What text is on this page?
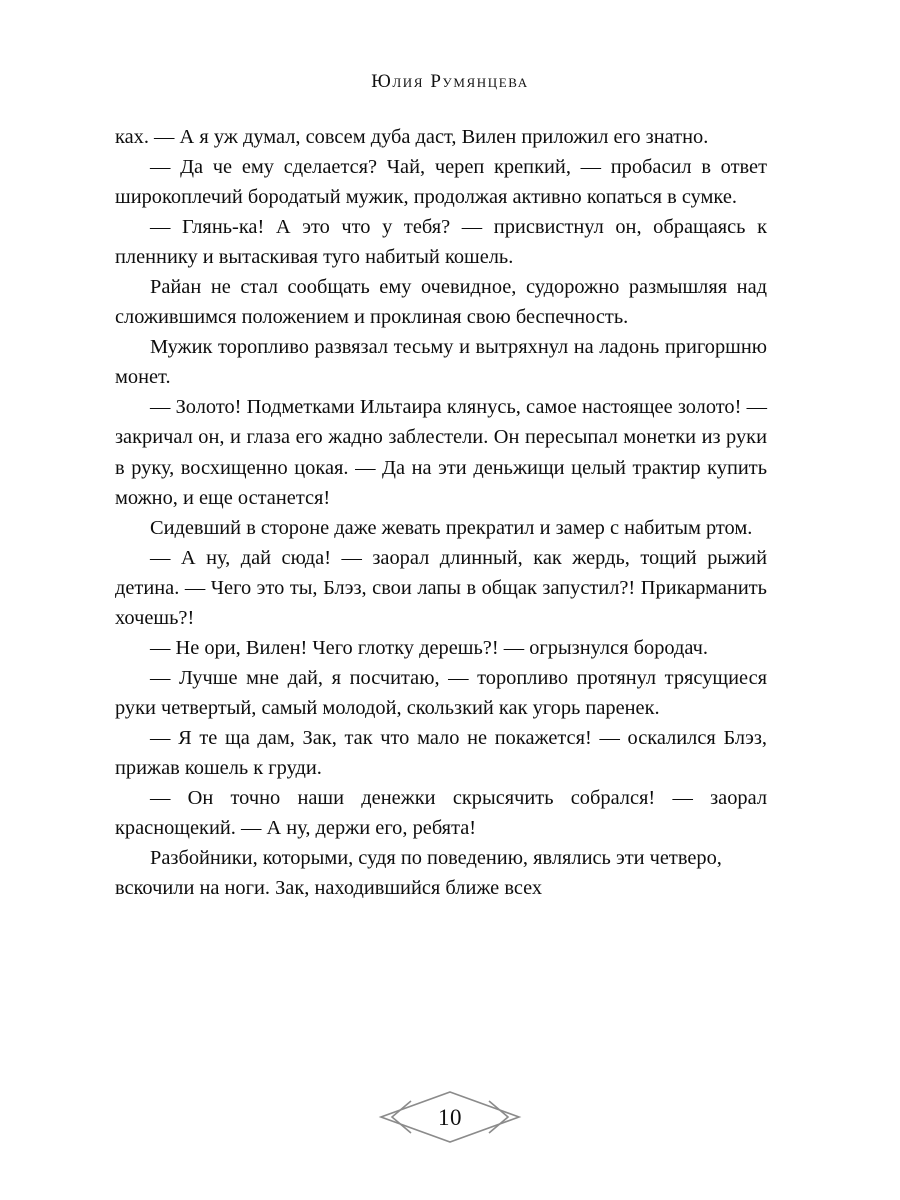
Юлия Румянцева

ках. — А я уж думал, совсем дуба даст, Вилен приложил его знатно.

— Да че ему сделается? Чай, череп крепкий, — пробасил в ответ широкоплечий бородатый мужик, продолжая активно копаться в сумке.

— Глянь-ка! А это что у тебя? — присвистнул он, обращаясь к пленнику и вытаскивая туго набитый кошель.

Райан не стал сообщать ему очевидное, судорожно размышляя над сложившимся положением и проклиная свою беспечность.

Мужик торопливо развязал тесьму и вытряхнул на ладонь пригоршню монет.

— Золото! Подметками Ильтаира клянусь, самое настоящее золото! — закричал он, и глаза его жадно заблестели. Он пересыпал монетки из руки в руку, восхищенно цокая. — Да на эти деньжищи целый трактир купить можно, и еще останется!

Сидевший в стороне даже жевать прекратил и замер с набитым ртом.

— А ну, дай сюда! — заорал длинный, как жердь, тощий рыжий детина. — Чего это ты, Блэз, свои лапы в общак запустил?! Прикарманить хочешь?!

— Не ори, Вилен! Чего глотку дерешь?! — огрызнулся бородач.

— Лучше мне дай, я посчитаю, — торопливо протянул трясущиеся руки четвертый, самый молодой, скользкий как угорь паренек.

— Я те ща дам, Зак, так что мало не покажется! — оскалился Блэз, прижав кошель к груди.

— Он точно наши денежки скрысячить собрался! — заорал краснощекий. — А ну, держи его, ребята!

Разбойники, которыми, судя по поведению, являлись эти четверо, вскочили на ноги. Зак, находившийся ближе всех

10
